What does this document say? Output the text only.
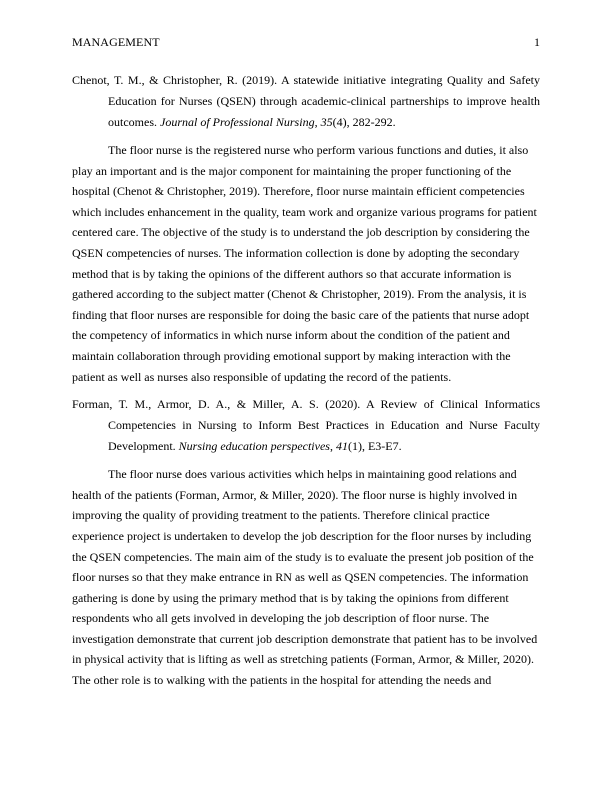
MANAGEMENT	1

Chenot, T. M., & Christopher, R. (2019). A statewide initiative integrating Quality and Safety Education for Nurses (QSEN) through academic-clinical partnerships to improve health outcomes. Journal of Professional Nursing, 35(4), 282-292.

The floor nurse is the registered nurse who perform various functions and duties, it also play an important and is the major component for maintaining the proper functioning of the hospital (Chenot & Christopher, 2019). Therefore, floor nurse maintain efficient competencies which includes enhancement in the quality, team work and organize various programs for patient centered care. The objective of the study is to understand the job description by considering the QSEN competencies of nurses. The information collection is done by adopting the secondary method that is by taking the opinions of the different authors so that accurate information is gathered according to the subject matter (Chenot & Christopher, 2019). From the analysis, it is finding that floor nurses are responsible for doing the basic care of the patients that nurse adopt the competency of informatics in which nurse inform about the condition of the patient and maintain collaboration through providing emotional support by making interaction with the patient as well as nurses also responsible of updating the record of the patients.

Forman, T. M., Armor, D. A., & Miller, A. S. (2020). A Review of Clinical Informatics Competencies in Nursing to Inform Best Practices in Education and Nurse Faculty Development. Nursing education perspectives, 41(1), E3-E7.

The floor nurse does various activities which helps in maintaining good relations and health of the patients (Forman, Armor, & Miller, 2020). The floor nurse is highly involved in improving the quality of providing treatment to the patients. Therefore clinical practice experience project is undertaken to develop the job description for the floor nurses by including the QSEN competencies. The main aim of the study is to evaluate the present job position of the floor nurses so that they make entrance in RN as well as QSEN competencies. The information gathering is done by using the primary method that is by taking the opinions from different respondents who all gets involved in developing the job description of floor nurse. The investigation demonstrate that current job description demonstrate that patient has to be involved in physical activity that is lifting as well as stretching patients (Forman, Armor, & Miller, 2020). The other role is to walking with the patients in the hospital for attending the needs and
